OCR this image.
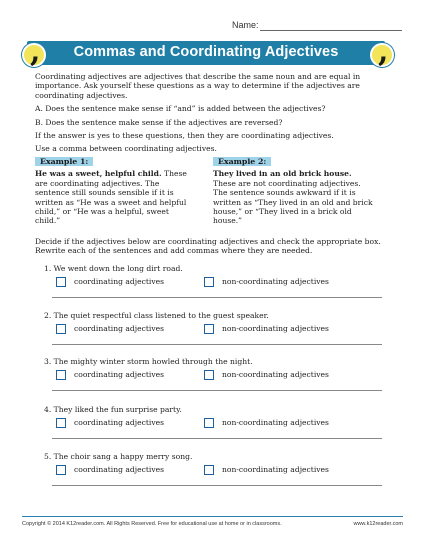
Name:
Commas and Coordinating Adjectives
,	,

Coordinating adjectives are adjectives that describe the same noun and are equal in importance. Ask yourself these questions as a way to determine if the adjectives are coordinating adjectives.

A. Does the sentence make sense if “and” is added between the adjectives?

B. Does the sentence make sense if the adjectives are reversed?

If the answer is yes to these questions, then they are coordinating adjectives.

Use a comma between coordinating adjectives.

Example 1:
He was a sweet, helpful child. These are coordinating adjectives. The sentence still sounds sensible if it is written as “He was a sweet and helpful child,” or “He was a helpful, sweet child.”
Example 2:
They lived in an old brick house. These are not coordinating adjectives. The sentence sounds awkward if it is written as “They lived in an old and brick house,” or “They lived in a brick old house.”
Decide if the adjectives below are coordinating adjectives and check the appropriate box. Rewrite each of the sentences and add commas where they are needed.
1. We went down the long dirt road.
coordinating adjectives	non-coordinating adjectives
2. The quiet respectful class listened to the guest speaker.
coordinating adjectives	non-coordinating adjectives
3. The mighty winter storm howled through the night.
coordinating adjectives	non-coordinating adjectives
4. They liked the fun surprise party.
coordinating adjectives	non-coordinating adjectives
5. The choir sang a happy merry song.
coordinating adjectives	non-coordinating adjectives
Copyright © 2014 K12reader.com. All Rights Reserved. Free for educational use at home or in classrooms.	www.k12reader.com
